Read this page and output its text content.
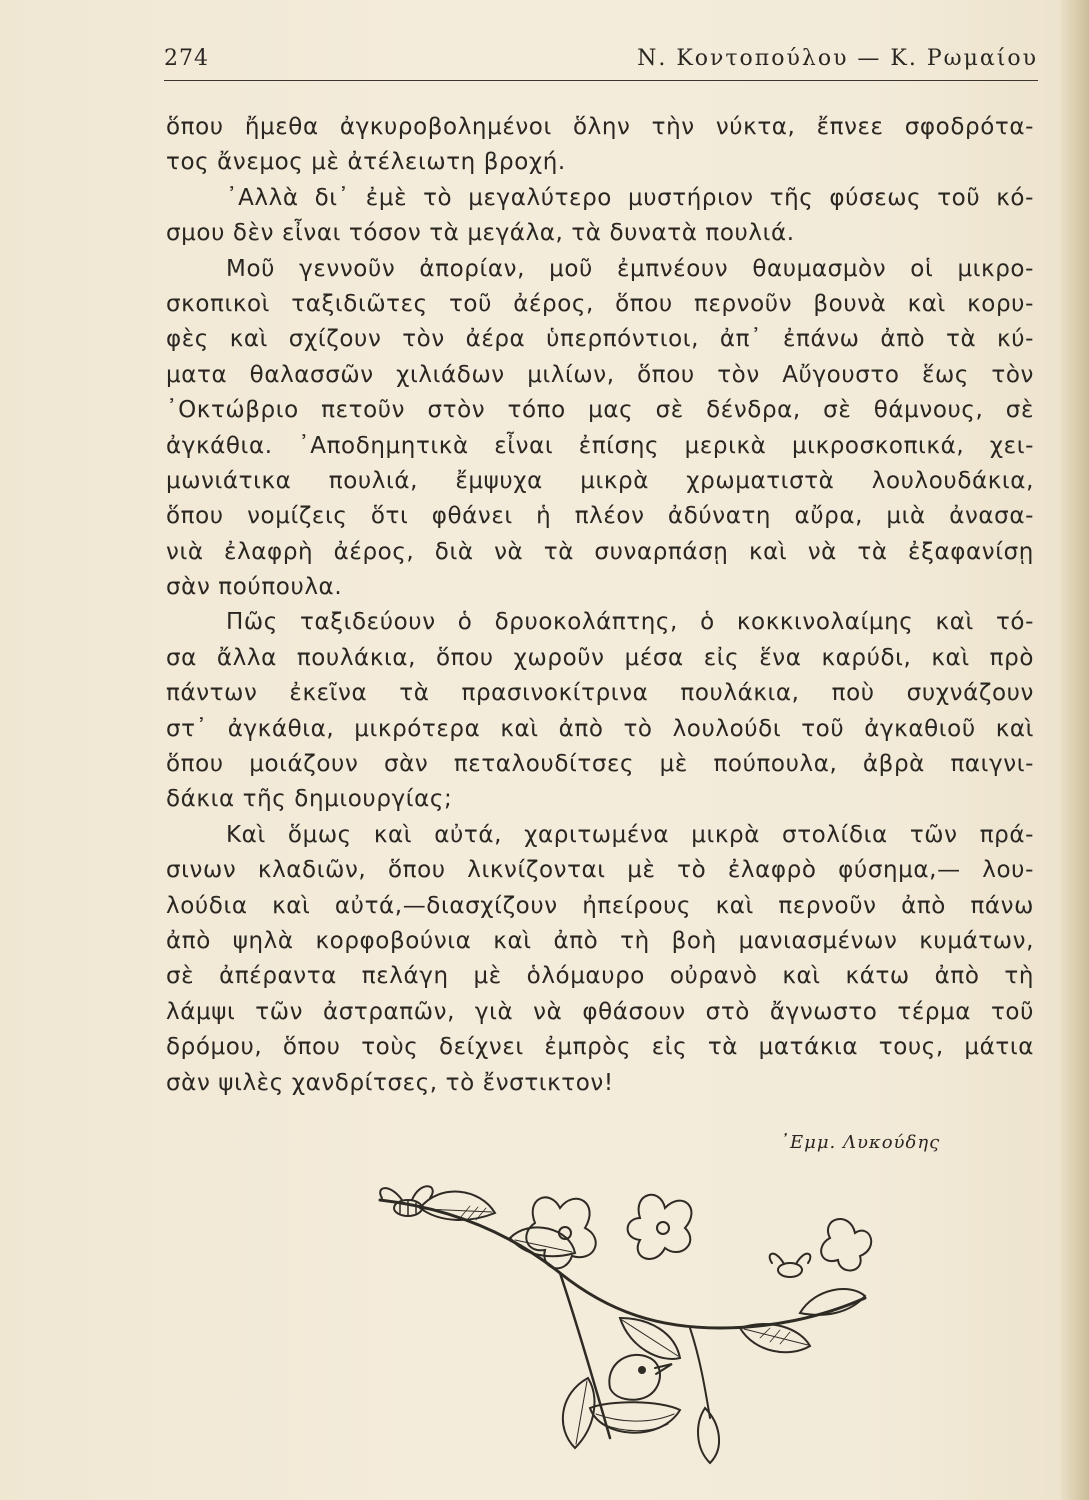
274	Ν. Κοντοπούλου — Κ. Ρωμαίου
ὅπου ἤμεθα ἀγκυροβολημένοι ὅλην τὴν νύκτα, ἔπνεε σφοδρότα-
τος ἄνεμος μὲ ἀτέλειωτη βροχή.
᾿Αλλὰ δι᾿ ἐμὲ τὸ μεγαλύτερο μυστήριον τῆς φύσεως τοῦ κό-
σμου δὲν εἶναι τόσον τὰ μεγάλα, τὰ δυνατὰ πουλιά.
Μοῦ γεννοῦν ἀπορίαν, μοῦ ἐμπνέουν θαυμασμὸν οἱ μικρο-
σκοπικοὶ ταξιδιῶτες τοῦ ἀέρος, ὅπου περνοῦν βουνὰ καὶ κορυ-
φὲς καὶ σχίζουν τὸν ἀέρα ὑπερπόντιοι, ἀπ᾿ ἐπάνω ἀπὸ τὰ κύ-
ματα θαλασσῶν χιλιάδων μιλίων, ὅπου τὸν Αὔγουστο ἕως τὸν
᾿Οκτώβριο πετοῦν στὸν τόπο μας σὲ δένδρα, σὲ θάμνους, σὲ
ἀγκάθια. ᾿Αποδημητικὰ εἶναι ἐπίσης μερικὰ μικροσκοπικά, χει-
μωνιάτικα πουλιά, ἔμψυχα μικρὰ χρωματιστὰ λουλουδάκια,
ὅπου νομίζεις ὅτι φθάνει ἡ πλέον ἀδύνατη αὔρα, μιὰ ἀνασα-
νιὰ ἐλαφρὴ ἀέρος, διὰ νὰ τὰ συναρπάσῃ καὶ νὰ τὰ ἐξαφανίσῃ
σὰν πούπουλα.
Πῶς ταξιδεύουν ὁ δρυοκολάπτης, ὁ κοκκινολαίμης καὶ τό-
σα ἄλλα πουλάκια, ὅπου χωροῦν μέσα εἰς ἕνα καρύδι, καὶ πρὸ
πάντων ἐκεῖνα τὰ πρασινοκίτρινα πουλάκια, ποὺ συχνάζουν
στ᾿ ἀγκάθια, μικρότερα καὶ ἀπὸ τὸ λουλούδι τοῦ ἀγκαθιοῦ καὶ
ὅπου μοιάζουν σὰν πεταλουδίτσες μὲ πούπουλα, ἀβρὰ παιγνι-
δάκια τῆς δημιουργίας;
Καὶ ὅμως καὶ αὐτά, χαριτωμένα μικρὰ στολίδια τῶν πρά-
σινων κλαδιῶν, ὅπου λικνίζονται μὲ τὸ ἐλαφρὸ φύσημα,— λου-
λούδια καὶ αὐτά,—διασχίζουν ἠπείρους καὶ περνοῦν ἀπὸ πάνω
ἀπὸ ψηλὰ κορφοβούνια καὶ ἀπὸ τὴ βοὴ μανιασμένων κυμάτων,
σὲ ἀπέραντα πελάγη μὲ ὁλόμαυρο οὐρανὸ καὶ κάτω ἀπὸ τὴ
λάμψι τῶν ἀστραπῶν, γιὰ νὰ φθάσουν στὸ ἄγνωστο τέρμα τοῦ
δρόμου, ὅπου τοὺς δείχνει ἐμπρὸς εἰς τὰ ματάκια τους, μάτια
σὰν ψιλὲς χανδρίτσες, τὸ ἔνστικτον!
᾿Εμμ. Λυκούδης
